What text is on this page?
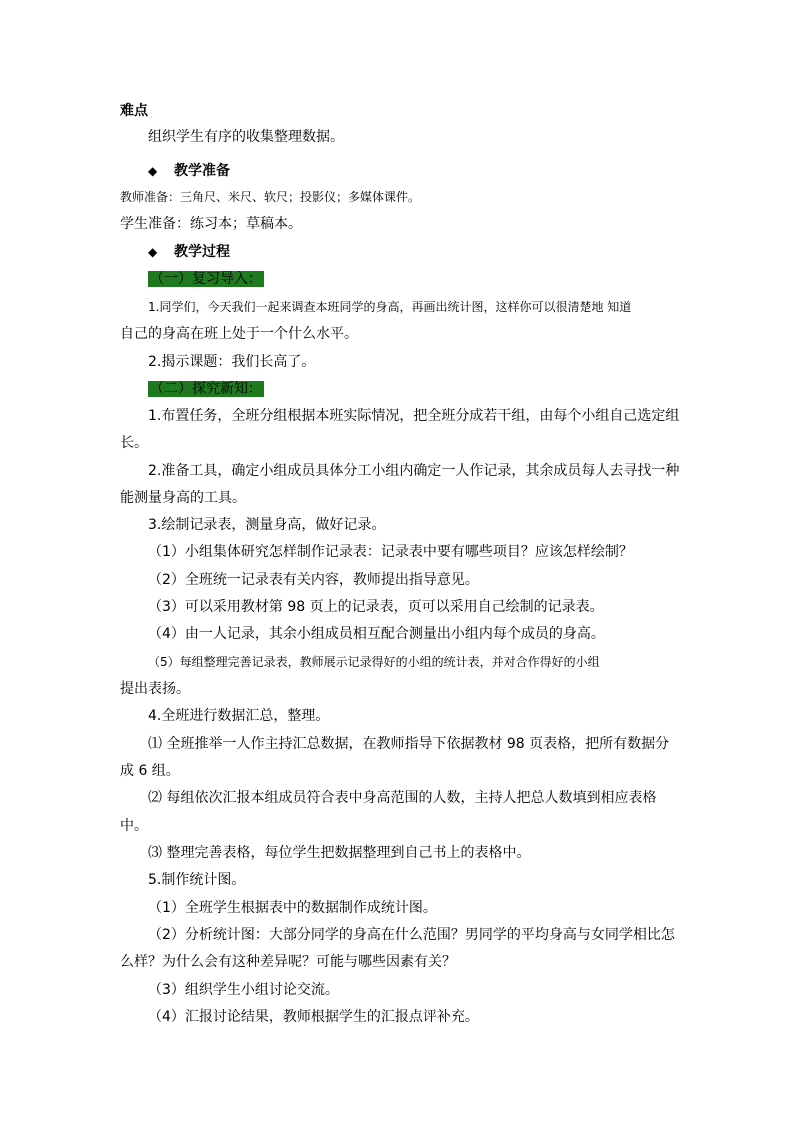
难点
组织学生有序的收集整理数据。
◆ 教学准备
教师准备：三角尺、米尺、软尺；投影仪；多媒体课件。
学生准备：练习本；草稿本。
◆ 教学过程
（一）复习导入：
1.同学们，今天我们一起来调查本班同学的身高，再画出统计图，这样你可以很清楚地 知道
自己的身高在班上处于一个什么水平。
2.揭示课题：我们长高了。
（二）探究新知：
1.布置任务，全班分组根据本班实际情况，把全班分成若干组，由每个小组自己选定组
长。
2.准备工具，确定小组成员具体分工小组内确定一人作记录，其余成员每人去寻找一种
能测量身高的工具。
3.绘制记录表，测量身高，做好记录。
（1）小组集体研究怎样制作记录表：记录表中要有哪些项目？应该怎样绘制？
（2）全班统一记录表有关内容，教师提出指导意见。
（3）可以采用教材第 98 页上的记录表，页可以采用自己绘制的记录表。
（4）由一人记录，其余小组成员相互配合测量出小组内每个成员的身高。
（5）每组整理完善记录表，教师展示记录得好的小组的统计表，并对合作得好的小组
提出表扬。
4.全班进行数据汇总，整理。
⑴ 全班推举一人作主持汇总数据，在教师指导下依据教材 98 页表格，把所有数据分
成 6 组。
⑵ 每组依次汇报本组成员符合表中身高范围的人数，主持人把总人数填到相应表格
中。
⑶ 整理完善表格，每位学生把数据整理到自己书上的表格中。
5.制作统计图。
（1）全班学生根据表中的数据制作成统计图。
（2）分析统计图：大部分同学的身高在什么范围？男同学的平均身高与女同学相比怎
么样？为什么会有这种差异呢？可能与哪些因素有关？
（3）组织学生小组讨论交流。
（4）汇报讨论结果，教师根据学生的汇报点评补充。
